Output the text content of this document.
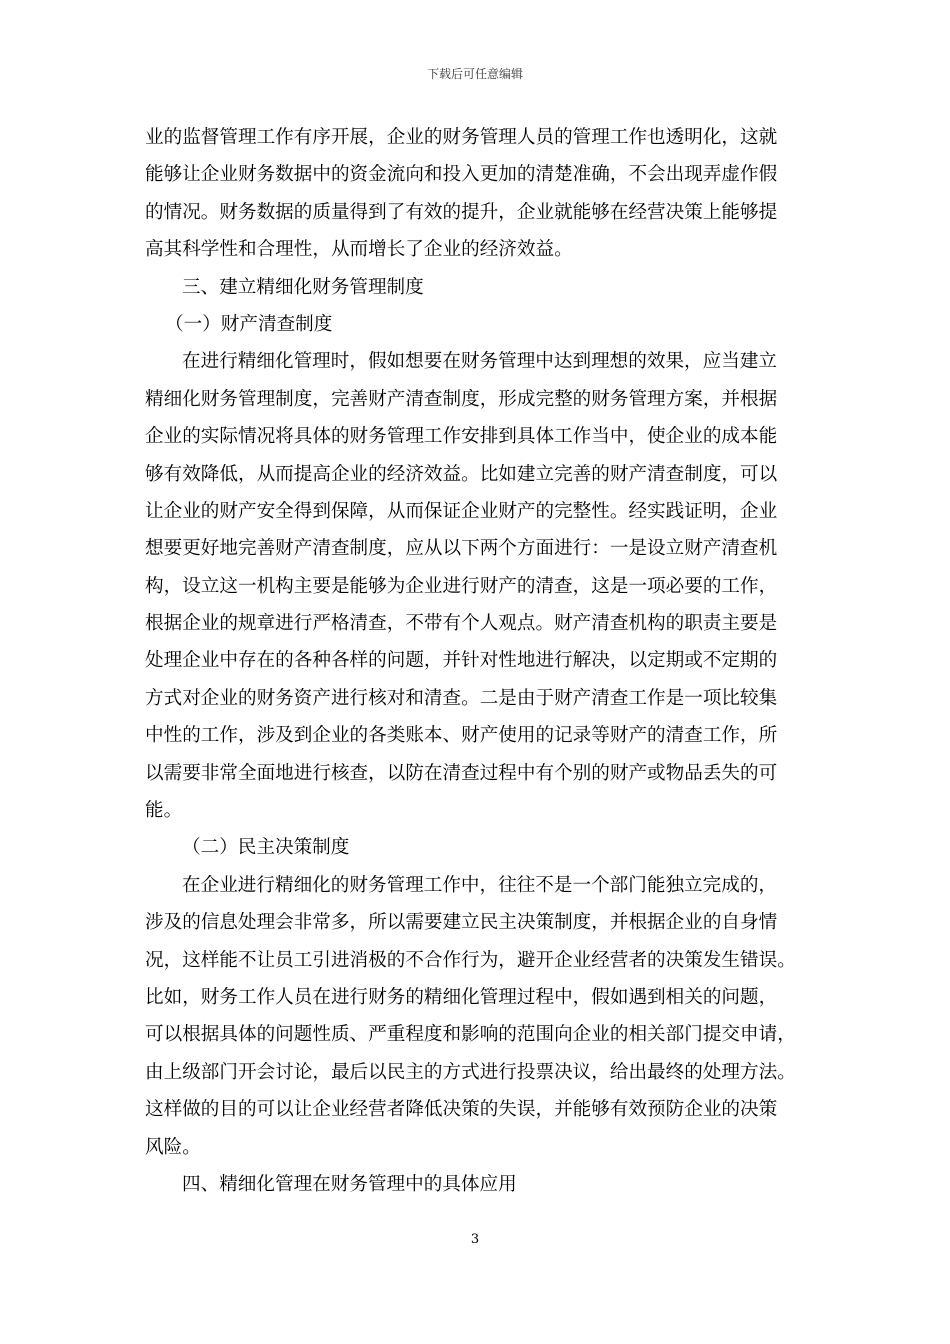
下载后可任意编辑
业的监督管理工作有序开展，企业的财务管理人员的管理工作也透明化，这就
能够让企业财务数据中的资金流向和投入更加的清楚准确，不会出现弄虚作假
的情况。财务数据的质量得到了有效的提升，企业就能够在经营决策上能够提
高其科学性和合理性，从而增长了企业的经济效益。
三、建立精细化财务管理制度
（一）财产清查制度
在进行精细化管理时，假如想要在财务管理中达到理想的效果，应当建立
精细化财务管理制度，完善财产清查制度，形成完整的财务管理方案，并根据
企业的实际情况将具体的财务管理工作安排到具体工作当中，使企业的成本能
够有效降低，从而提高企业的经济效益。比如建立完善的财产清查制度，可以
让企业的财产安全得到保障，从而保证企业财产的完整性。经实践证明，企业
想要更好地完善财产清查制度，应从以下两个方面进行：一是设立财产清查机
构，设立这一机构主要是能够为企业进行财产的清查，这是一项必要的工作，
根据企业的规章进行严格清查，不带有个人观点。财产清查机构的职责主要是
处理企业中存在的各种各样的问题，并针对性地进行解决，以定期或不定期的
方式对企业的财务资产进行核对和清查。二是由于财产清查工作是一项比较集
中性的工作，涉及到企业的各类账本、财产使用的记录等财产的清查工作，所
以需要非常全面地进行核查，以防在清查过程中有个别的财产或物品丢失的可
能。
（二）民主决策制度
在企业进行精细化的财务管理工作中，往往不是一个部门能独立完成的，
涉及的信息处理会非常多，所以需要建立民主决策制度，并根据企业的自身情
况，这样能不让员工引进消极的不合作行为，避开企业经营者的决策发生错误。
比如，财务工作人员在进行财务的精细化管理过程中，假如遇到相关的问题，
可以根据具体的问题性质、严重程度和影响的范围向企业的相关部门提交申请，
由上级部门开会讨论，最后以民主的方式进行投票决议，给出最终的处理方法。
这样做的目的可以让企业经营者降低决策的失误，并能够有效预防企业的决策
风险。
四、精细化管理在财务管理中的具体应用
3
